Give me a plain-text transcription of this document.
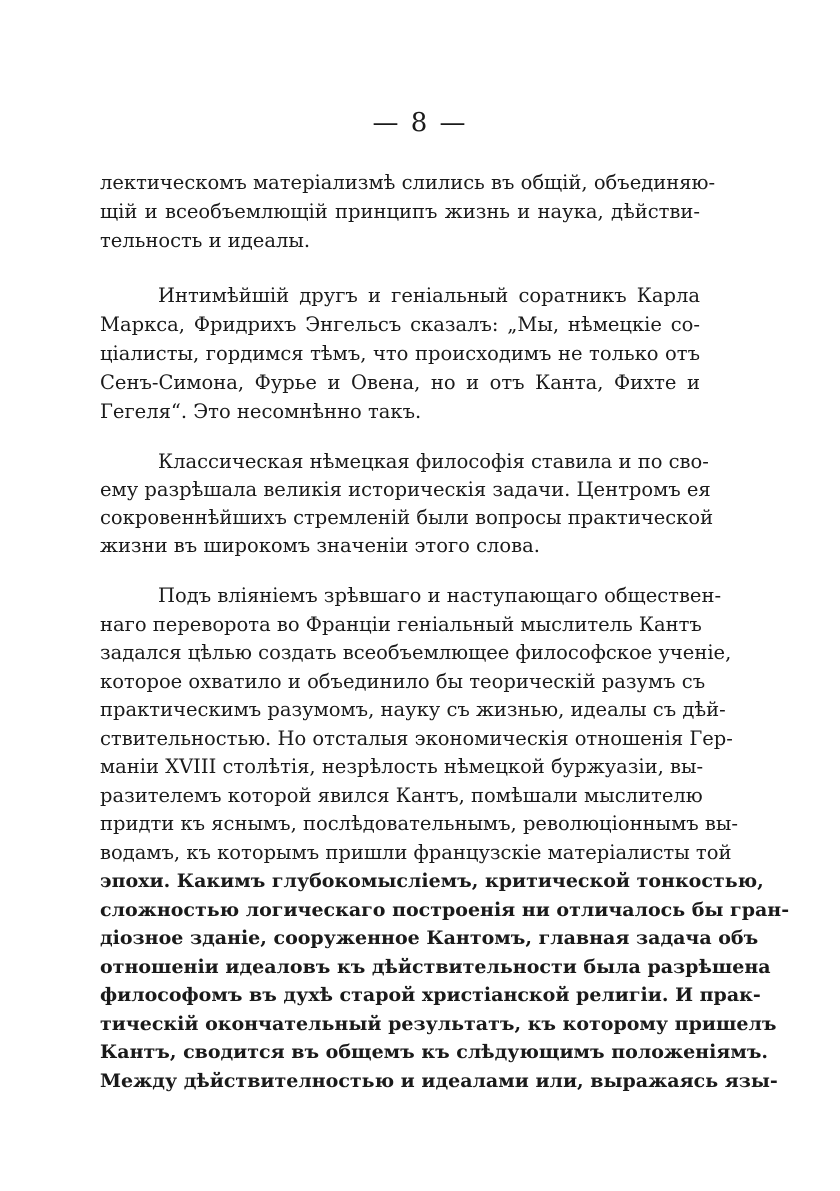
— 8 —
лектическомъ матеріализмѣ слились въ общій, объединяю-
щій и всеобъемлющій принципъ жизнь и наука, дѣйстви-
тельность и идеалы.
Интимѣйшій другъ и геніальный соратникъ Карла
Маркса, Фридрихъ Энгельсъ сказалъ: „Мы, нѣмецкіе со-
ціалисты, гордимся тѣмъ, что происходимъ не только отъ
Сенъ-Симона, Фурье и Овена, но и отъ Канта, Фихте и
Гегеля“. Это несомнѣнно такъ.
Классическая нѣмецкая философія ставила и по сво-
ему разрѣшала великія историческія задачи. Центромъ ея
сокровеннѣйшихъ стремленій были вопросы практической
жизни въ широкомъ значеніи этого слова.
Подъ вліяніемъ зрѣвшаго и наступающаго обществен-
наго переворота во Франціи геніальный мыслитель Кантъ
задался цѣлью создать всеобъемлющее философское ученіе,
которое охватило и объединило бы теорическій разумъ съ
практическимъ разумомъ, науку съ жизнью, идеалы съ дѣй-
ствительностью. Но отсталыя экономическія отношенія Гер-
маніи XVIII столѣтія, незрѣлость нѣмецкой буржуазіи, вы-
разителемъ которой явился Кантъ, помѣшали мыслителю
придти къ яснымъ, послѣдовательнымъ, революціоннымъ вы-
водамъ, къ которымъ пришли французскіе матеріалисты той
эпохи. Какимъ глубокомысліемъ, критической тонкостью,
сложностью логическаго построенія ни отличалось бы гран-
діозное зданіе, сооруженное Кантомъ, главная задача объ
отношеніи идеаловъ къ дѣйствительности была разрѣшена
философомъ въ духѣ старой христіанской религіи. И прак-
тическій окончательный результатъ, къ которому пришелъ
Кантъ, сводится въ общемъ къ слѣдующимъ положеніямъ.
Между дѣйствителностью и идеалами или, выражаясь язы-
